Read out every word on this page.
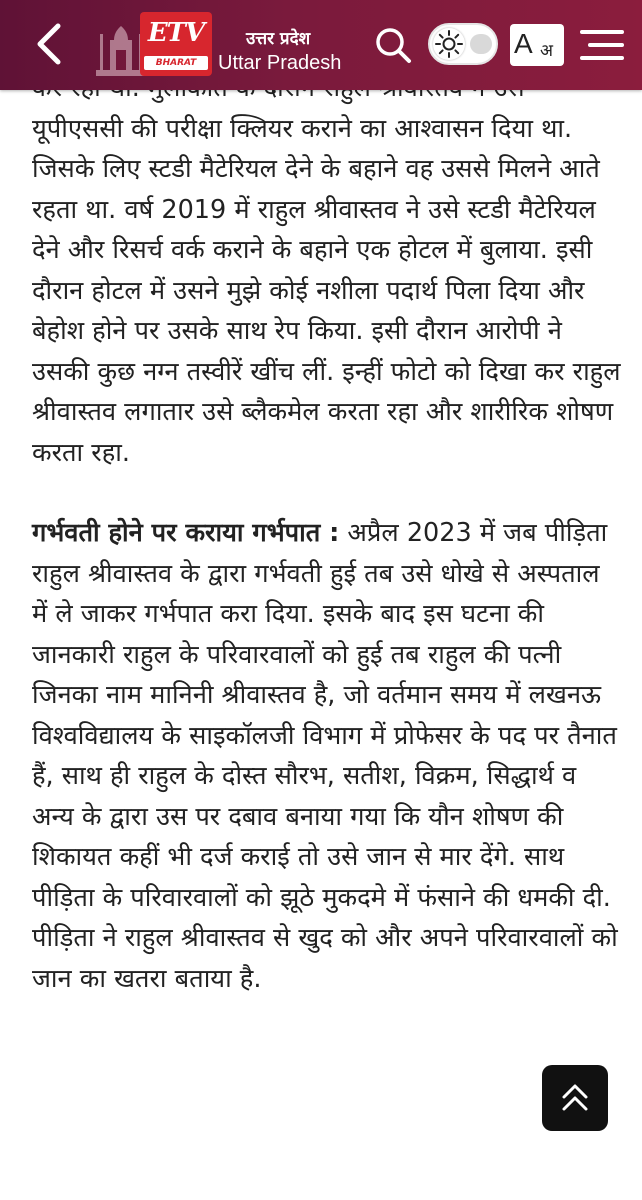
ETV
BHARAT
उत्तर प्रदेश
Uttar Pradesh
A अ

यूपीएससी की परीक्षा क्लियर कराने का आश्वासन दिया था. जिसके लिए स्टडी मैटेरियल देने के बहाने वह उससे मिलने आते रहता था. वर्ष 2019 में राहुल श्रीवास्तव ने उसे स्टडी मैटेरियल देने और रिसर्च वर्क कराने के बहाने एक होटल में बुलाया. इसी दौरान होटल में उसने मुझे कोई नशीला पदार्थ पिला दिया और बेहोश होने पर उसके साथ रेप किया. इसी दौरान आरोपी ने उसकी कुछ नग्न तस्वीरें खींच लीं. इन्हीं फोटो को दिखा कर राहुल श्रीवास्तव लगातार उसे ब्लैकमेल करता रहा और शारीरिक शोषण करता रहा.

गर्भवती होने पर कराया गर्भपात : अप्रैल 2023 में जब पीड़िता राहुल श्रीवास्तव के द्वारा गर्भवती हुई तब उसे धोखे से अस्पताल में ले जाकर गर्भपात करा दिया. इसके बाद इस घटना की जानकारी राहुल के परिवारवालों को हुई तब राहुल की पत्नी जिनका नाम मानिनी श्रीवास्तव है, जो वर्तमान समय में लखनऊ विश्वविद्यालय के साइकॉलजी विभाग में प्रोफेसर के पद पर तैनात हैं, साथ ही राहुल के दोस्त सौरभ, सतीश, विक्रम, सिद्धार्थ व अन्य के द्वारा उस पर दबाव बनाया गया कि यौन शोषण की शिकायत कहीं भी दर्ज कराई तो उसे जान से मार देंगे. साथ पीड़िता के परिवारवालों को झूठे मुकदमे में फंसाने की धमकी दी. पीड़िता ने राहुल श्रीवास्तव से खुद को और अपने परिवारवालों को जान का खतरा बताया है.
